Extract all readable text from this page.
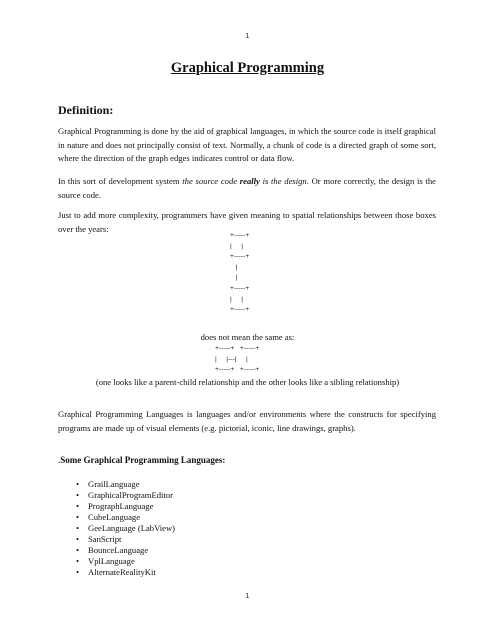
1
Graphical Programming
Definition:

Graphical Programming is done by the aid of graphical languages, in which the source code is itself graphical in nature and does not principally consist of text. Normally, a chunk of code is a directed graph of some sort, where the direction of the graph edges indicates control or data flow.

In this sort of development system the source code really is the design. Or more correctly, the design is the source code.

Just to add more complexity, programmers have given meaning to spatial relationships between those boxes over the years:

+-----+
|     |
+-----+
|
|
+-----+
|     |
+-----+
does not mean the same as:
+-----+   +-----+
|     |---|     |
+-----+   +-----+
(one looks like a parent-child relationship and the other looks like a sibling relationship)

Graphical Programming Languages is languages and/or environments where the constructs for specifying programs are made up of visual elements (e.g. pictorial, iconic, line drawings, graphs).

.Some Graphical Programming Languages:
• GrailLanguage
• GraphicalProgramEditor
• PrographLanguage
• CubeLanguage
• GeeLanguage (LabView)
• SanScript
• BounceLanguage
• VplLanguage
• AlternateRealityKit
1
